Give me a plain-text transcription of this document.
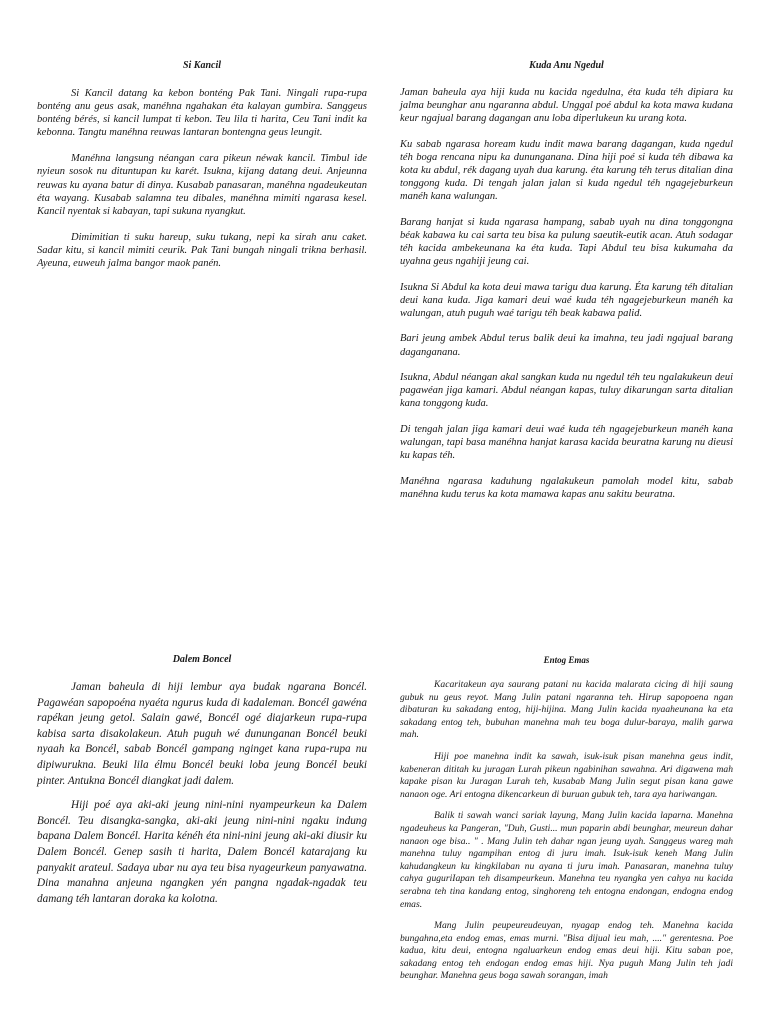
Si Kancil

Si Kancil datang ka kebon bonténg Pak Tani. Ningali rupa-rupa bonténg anu geus asak, manéhna ngahakan éta kalayan gumbira. Sanggeus bonténg bérés, si kancil lumpat ti kebon. Teu lila ti harita, Ceu Tani indit ka kebonna. Tangtu manéhna reuwas lantaran bontengna geus leungit.

Manéhna langsung néangan cara pikeun néwak kancil. Timbul ide nyieun sosok nu dituntupan ku karét. Isukna, kijang datang deui. Anjeunna reuwas ku ayana batur di dinya. Kusabab panasaran, manéhna ngadeukeutan éta wayang. Kusabab salamna teu dibales, manéhna mimiti ngarasa kesel. Kancil nyentak si kabayan, tapi sukuna nyangkut.

Dimimitian ti suku hareup, suku tukang, nepi ka sirah anu caket. Sadar kitu, si kancil mimiti ceurik. Pak Tani bungah ningali trikna berhasil. Ayeuna, euweuh jalma bangor maok panén.

Kuda Anu Ngedul

Jaman baheula aya hiji kuda nu kacida ngedulna, éta kuda téh dipiara ku jalma beunghar anu ngaranna abdul. Unggal poé abdul ka kota mawa kudana keur ngajual barang dagangan anu loba diperlukeun ku urang kota.

Ku sabab ngarasa hoream kudu indit mawa barang dagangan, kuda ngedul téh boga rencana nipu ka dununganana. Dina hiji poé si kuda téh dibawa ka kota ku abdul, rék dagang uyah dua karung. éta karung téh terus ditalian dina tonggong kuda. Di tengah jalan jalan si kuda ngedul téh ngagejeburkeun manéh kana walungan.

Barang hanjat si kuda ngarasa hampang, sabab uyah nu dina tonggongna béak kabawa ku cai sarta teu bisa ka pulung saeutik-eutik acan. Atuh sodagar téh kacida ambekeunana ka éta kuda. Tapi Abdul teu bisa kukumaha da uyahna geus ngahiji jeung cai.

Isukna Si Abdul ka kota deui mawa tarigu dua karung. Éta karung téh ditalian deui kana kuda. Jiga kamari deui waé kuda téh ngagejeburkeun manéh ka walungan, atuh puguh waé tarigu téh beak kabawa palid.

Bari jeung ambek Abdul terus balik deui ka imahna, teu jadi ngajual barang daganganana.

Isukna, Abdul néangan akal sangkan kuda nu ngedul téh teu ngalakukeun deui pagawéan jiga kamari. Abdul néangan kapas, tuluy dikarungan sarta ditalian kana tonggong kuda.

Di tengah jalan jiga kamari deui waé kuda téh ngagejeburkeun manéh kana walungan, tapi basa manéhna hanjat karasa kacida beuratna karung nu dieusi ku kapas téh.

Manéhna ngarasa kaduhung ngalakukeun pamolah model kitu, sabab manéhna kudu terus ka kota mamawa kapas anu sakitu beuratna.

Dalem Boncel

Jaman baheula di hiji lembur aya budak ngarana Boncél. Pagawéan sapopoéna nyaéta ngurus kuda di kadaleman. Boncél gawéna rapékan jeung getol. Salain gawé, Boncél ogé diajarkeun rupa-rupa kabisa sarta disakolakeun. Atuh puguh wé dununganan Boncél beuki nyaah ka Boncél, sabab Boncél gampang nginget kana rupa-rupa nu dipiwurukna. Beuki lila élmu Boncél beuki loba jeung Boncél beuki pinter. Antukna Boncél diangkat jadi dalem.

Hiji poé aya aki-aki jeung nini-nini nyampeurkeun ka Dalem Boncél. Teu disangka-sangka, aki-aki jeung nini-nini ngaku indung bapana Dalem Boncél. Harita kénéh éta nini-nini jeung aki-aki diusir ku Dalem Boncél. Genep sasih ti harita, Dalem Boncél katarajang ku panyakit arateul. Sadaya ubar nu aya teu bisa nyageurkeun panyawatna. Dina manahna anjeuna ngangken yén pangna ngadak-ngadak teu damang téh lantaran doraka ka kolotna.

Entog Emas

Kacaritakeun aya saurang patani nu kacida malarata cicing di hiji saung gubuk nu geus reyot. Mang Julin patani ngaranna teh. Hirup sapopoena ngan dibaturan ku sakadang entog, hiji-hijina. Mang Julin kacida nyaaheunana ka eta sakadang entog teh, bubuhan manehna mah teu boga dulur-baraya, malih garwa mah.

Hiji poe manehna indit ka sawah, isuk-isuk pisan manehna geus indit, kabeneran dititah ku juragan Lurah pikeun ngabinihan sawahna. Ari digawena mah kapake pisan ku Juragan Lurah teh, kusabab Mang Julin segut pisan kana gawe nanaon oge. Ari entogna dikencarkeun di buruan gubuk teh, tara aya hariwangan.

Balik ti sawah wanci sariak layung, Mang Julin kacida laparna. Manehna ngadeuheus ka Pangeran, "Duh, Gusti... mun paparin abdi beunghar, meureun dahar nanaon oge bisa.. " . Mang Julin teh dahar ngan jeung uyah. Sanggeus wareg mah manehna tuluy ngampihan entog di juru imah. Isuk-isuk keneh Mang Julin kahudangkeun ku kingkilaban nu ayana ti juru imah. Panasaran, manehna tuluy cahya guguriIapan teh disampeurkeun. Manehna teu nyangka yen cahya nu kacida serabna teh tina kandang entog, singhoreng teh entogna endongan, endogna endog emas.

Mang Julin peupeureudeuyan, nyagap endog teh. Manehna kacida bungahna,eta endog emas, emas murni. "Bisa dijual ieu mah, ...." gerentesna. Poe kadua, kitu deui, entogna ngaluarkeun endog emas deui hiji. Kitu saban poe, sakadang entog teh endogan endog emas hiji. Nya puguh Mang Julin teh jadi beunghar. Manehna geus boga sawah sorangan, imah
